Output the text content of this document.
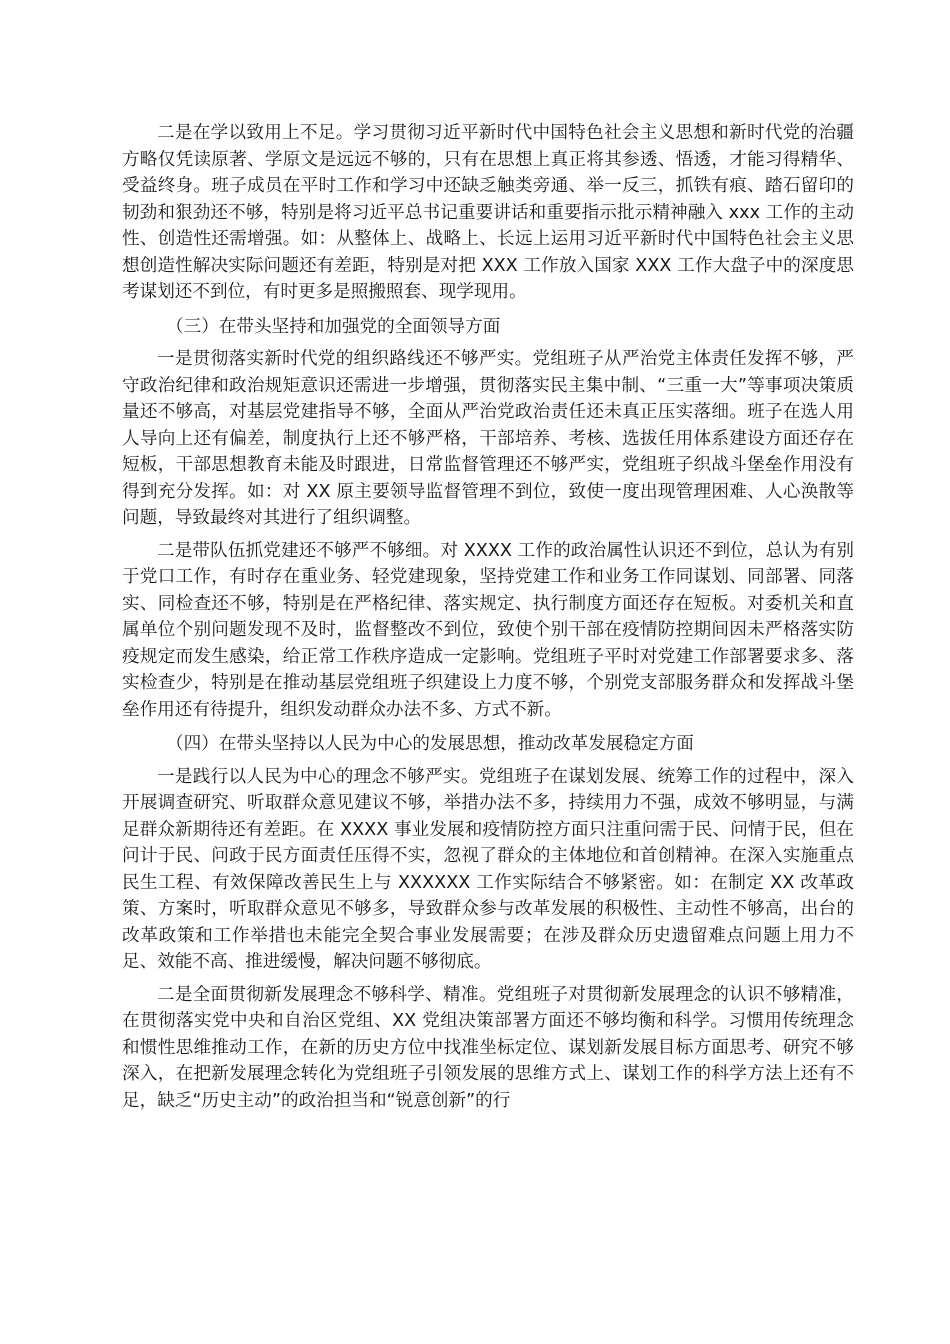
二是在学以致用上不足。学习贯彻习近平新时代中国特色社会主义思想和新时代党的治疆方略仅凭读原著、学原文是远远不够的，只有在思想上真正将其参透、悟透，才能习得精华、受益终身。班子成员在平时工作和学习中还缺乏触类旁通、举一反三，抓铁有痕、踏石留印的韧劲和狠劲还不够，特别是将习近平总书记重要讲话和重要指示批示精神融入 xxx 工作的主动性、创造性还需增强。如：从整体上、战略上、长远上运用习近平新时代中国特色社会主义思想创造性解决实际问题还有差距，特别是对把 XXX 工作放入国家 XXX 工作大盘子中的深度思考谋划还不到位，有时更多是照搬照套、现学现用。

（三）在带头坚持和加强党的全面领导方面

一是贯彻落实新时代党的组织路线还不够严实。党组班子从严治党主体责任发挥不够，严守政治纪律和政治规矩意识还需进一步增强，贯彻落实民主集中制、“三重一大”等事项决策质量还不够高，对基层党建指导不够，全面从严治党政治责任还未真正压实落细。班子在选人用人导向上还有偏差，制度执行上还不够严格，干部培养、考核、选拔任用体系建设方面还存在短板，干部思想教育未能及时跟进，日常监督管理还不够严实，党组班子织战斗堡垒作用没有得到充分发挥。如：对 XX 原主要领导监督管理不到位，致使一度出现管理困难、人心涣散等问题，导致最终对其进行了组织调整。

二是带队伍抓党建还不够严不够细。对 XXXX 工作的政治属性认识还不到位，总认为有别于党口工作，有时存在重业务、轻党建现象，坚持党建工作和业务工作同谋划、同部署、同落实、同检查还不够，特别是在严格纪律、落实规定、执行制度方面还存在短板。对委机关和直属单位个别问题发现不及时，监督整改不到位，致使个别干部在疫情防控期间因未严格落实防疫规定而发生感染，给正常工作秩序造成一定影响。党组班子平时对党建工作部署要求多、落实检查少，特别是在推动基层党组班子织建设上力度不够，个别党支部服务群众和发挥战斗堡垒作用还有待提升，组织发动群众办法不多、方式不新。

（四）在带头坚持以人民为中心的发展思想，推动改革发展稳定方面

一是践行以人民为中心的理念不够严实。党组班子在谋划发展、统筹工作的过程中，深入开展调查研究、听取群众意见建议不够，举措办法不多，持续用力不强，成效不够明显，与满足群众新期待还有差距。在 XXXX 事业发展和疫情防控方面只注重问需于民、问情于民，但在问计于民、问政于民方面责任压得不实，忽视了群众的主体地位和首创精神。在深入实施重点民生工程、有效保障改善民生上与 XXXXXX 工作实际结合不够紧密。如：在制定 XX 改革政策、方案时，听取群众意见不够多，导致群众参与改革发展的积极性、主动性不够高，出台的改革政策和工作举措也未能完全契合事业发展需要；在涉及群众历史遗留难点问题上用力不足、效能不高、推进缓慢，解决问题不够彻底。

二是全面贯彻新发展理念不够科学、精准。党组班子对贯彻新发展理念的认识不够精准，在贯彻落实党中央和自治区党组、XX 党组决策部署方面还不够均衡和科学。习惯用传统理念和惯性思维推动工作，在新的历史方位中找准坐标定位、谋划新发展目标方面思考、研究不够深入，在把新发展理念转化为党组班子引领发展的思维方式上、谋划工作的科学方法上还有不足，缺乏“历史主动”的政治担当和“锐意创新”的行
